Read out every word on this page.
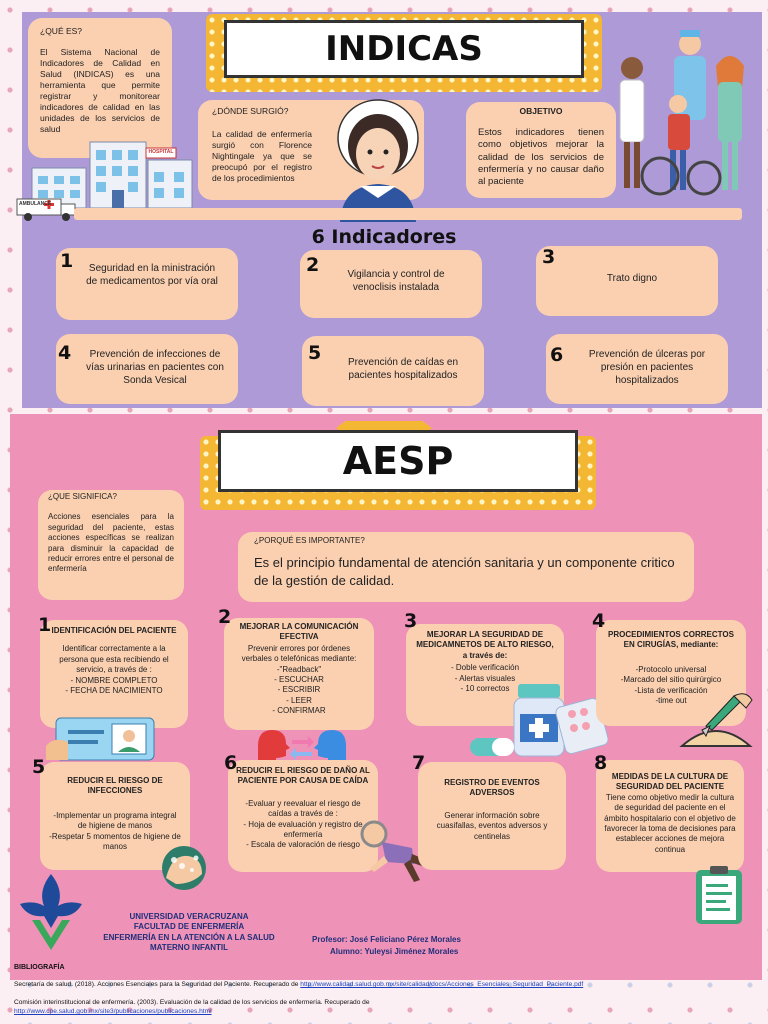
INDICAS
¿QUÉ ES?
El Sistema Nacional de Indicadores de Calidad en Salud (INDICAS) es una herramienta que permite registrar y monitorear indicadores de calidad en las unidades de los servicios de salud
¿DÓNDE SURGIÓ?
La calidad de enfermería surgió con Florence Nightingale ya que se preocupó por el registro de los procedimientos
OBJETIVO
Estos indicadores tienen como objetivos mejorar la calidad de los servicios de enfermería y no causar daño al paciente
HOSPITAL
AMBULANCE
6 Indicadores
Seguridad en la ministración de medicamentos por vía oral
1
Vigilancia y control de venoclisis instalada
2
Trato digno
3
Prevención de infecciones de vías urinarias en pacientes con Sonda Vesical
4	Prevención de caídas en pacientes hospitalizados
5	Prevención de úlceras por presión en pacientes hospitalizados
6
AESP
¿QUE SIGNIFICA?
Acciones esenciales para la seguridad del paciente, estas acciones específicas se realizan para disminuir la capacidad de reducir errores entre el personal de enfermería
¿PORQUÉ ES IMPORTANTE?
Es el principio fundamental de atención sanitaria y un componente critico de la gestión de calidad.
IDENTIFICACIÓN DEL PACIENTE

Identificar correctamente a la persona que esta recibiendo el servicio, a través de :

- NOMBRE COMPLETO

- FECHA DE NACIMIENTO

1	MEJORAR LA COMUNICACIÓN EFECTIVA

Prevenir errores por órdenes verbales o telefónicas mediante:

-"Readback"

- ESCUCHAR

- ESCRIBIR

- LEER

- CONFIRMAR

2
MEJORAR LA SEGURIDAD DE MEDICAMNETOS DE ALTO RIESGO, a través de:

- Doble verificación

- Alertas visuales

- 10 correctos

3
PROCEDIMIENTOS CORRECTOS EN CIRUGÍAS, mediante:

-Protocolo universal

-Marcado del sitio quirúrgico

-Lista de verificación

-time out

4
REDUCIR EL RIESGO DE INFECCIONES

-Implementar un programa integral de higiene de manos

-Respetar 5 momentos de higiene de manos

5	REDUCIR EL RIESGO DE DAÑO AL PACIENTE POR CAUSA DE CAÍDA

-Evaluar y reevaluar el riesgo de caídas a través de :

- Hoja de evaluación y registro de enfermería

- Escala de valoración de riesgo

6
REGISTRO DE EVENTOS ADVERSOS

Generar información sobre cuasifallas, eventos adversos y centinelas

7
MEDIDAS DE LA CULTURA DE SEGURIDAD DEL PACIENTE

Tiene como objetivo medir la cultura de seguridad del paciente en el ámbito hospitalario con el objetivo de favorecer la toma de decisiones para establecer acciones de mejora continua

8
UNIVERSIDAD VERACRUZANA
FACULTAD DE ENFERMERÍA
ENFERMERÍA EN LA ATENCIÓN A LA SALUD
MATERNO INFANTIL
Profesor: José Feliciano Pérez Morales
Alumno: Yuleysi Jiménez Morales
BIBLIOGRAFÍA
Secretaría de salud. (2018). Acciones Esenciales para la Seguridad del Paciente. Recuperado de http://www.calidad.salud.gob.mx/site/calidad/docs/Acciones_Esenciales_Seguridad_Paciente.pdf
Comisión interinstitucional de enfermería. (2003). Evaluación de la calidad de los servicios de enfermería. Recuperado de http://www.cpe.salud.gob.mx/site3/publicaciones/publicaciones.html
